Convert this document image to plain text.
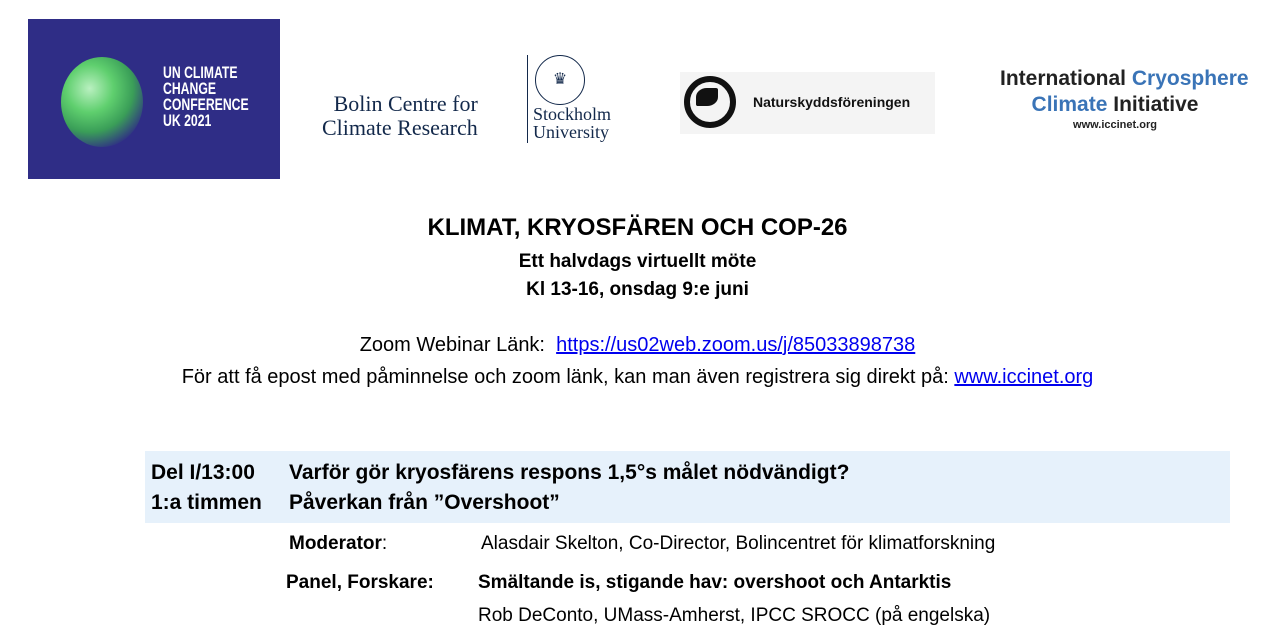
UN CLIMATE
CHANGE
CONFERENCE
UK 2021
Bolin Centre for
Climate Research
♛
Stockholm
University
Naturskyddsföreningen
International Cryosphere
Climate Initiative
www.iccinet.org
KLIMAT, KRYOSFÄREN OCH COP-26
Ett halvdags virtuellt möte
Kl 13-16, onsdag 9:e juni
Zoom Webinar Länk: https://us02web.zoom.us/j/85033898738
För att få epost med påminnelse och zoom länk, kan man även registrera sig direkt på: www.iccinet.org
Del I/13:00
1:a timmen
Varför gör kryosfärens respons 1,5°s målet nödvändigt?
Påverkan från ”Overshoot”
Moderator:	Alasdair Skelton, Co-Director, Bolincentret för klimatforskning
Panel, Forskare: Smältande is, stigande hav: overshoot och Antarktis
Rob DeConto, UMass-Amherst, IPCC SROCC (på engelska)
